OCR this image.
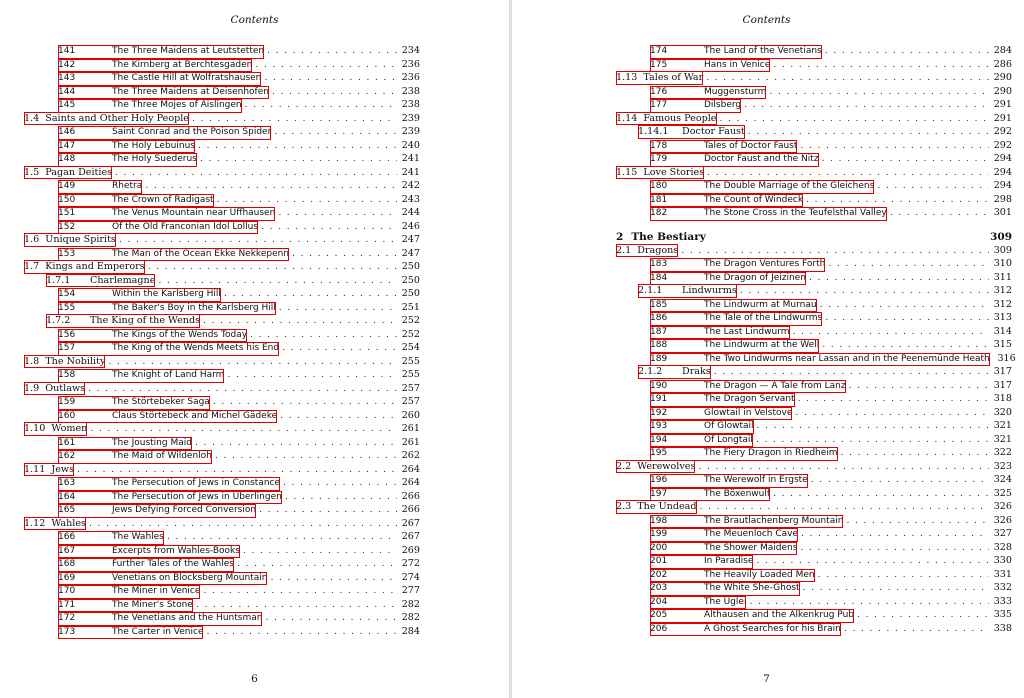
Contents
141	The Three Maidens at Leutstetten . . .	234
142	The Kirnberg at Berchtesgaden . . .	236
143	The Castle Hill at Wolfratshausen . . .	236
144	The Three Maidens at Deisenhofen . . .	238
145	The Three Mojes of Aislingen . . .	238
1.4 Saints and Other Holy People . . .	239
146	Saint Conrad and the Poison Spider . . .	239
147	The Holy Lebuinus . . .	240
148	The Holy Suederus . . .	241
1.5 Pagan Deities . . .	241
149	Rhetra . . .	242
150	The Crown of Radigast . . .	243
151	The Venus Mountain near Uffhausen . . .	244
152	Of the Old Franconian Idol Lollus . . .	246
1.6 Unique Spirits . . .	247
153	The Man of the Ocean Ekke Nekkepenn . . .	247
1.7 Kings and Emperors . . .	250
1.7.1 Charlemagne . . .	250
154	Within the Karlsberg Hill . . .	250
155	The Baker's Boy in the Karlsberg Hill . . .	251
1.7.2 The King of the Wends . . .	252
156	The Kings of the Wends Today . . .	252
157	The King of the Wends Meets his End . . .	254
1.8 The Nobility . . .	255
158	The Knight of Land Harm . . .	255
1.9 Outlaws . . .	257
159	The Störtebeker Saga . . .	257
160	Claus Störtebeck and Michel Gädeke . . .	260
1.10 Women . . .	261
161	The Jousting Maid . . .	261
162	The Maid of Wildenloh . . .	262
1.11 Jews . . .	264
163	The Persecution of Jews in Constance . . .	264
164	The Persecution of Jews in Überlingen . . .	266
165	Jews Defying Forced Conversion . . .	266
1.12 Wahles . . .	267
166	The Wahles . . .	267
167	Excerpts from Wahles-Books . . .	269
168	Further Tales of the Wahles . . .	272
169	Venetians on Blocksberg Mountain . . .	274
170	The Miner in Venice . . .	277
171	The Miner's Stone . . .	282
172	The Venetians and the Huntsman . . .	282
173	The Carter in Venice . . .	284
6
Contents
174	The Land of the Venetians . . .	284
175	Hans in Venice . . .	286
1.13 Tales of War . . .	290
176	Muggensturm . . .	290
177	Dilsberg . . .	291
1.14 Famous People . . .	291
1.14.1 Doctor Faust . . .	292
178	Tales of Doctor Faust . . .	292
179	Doctor Faust and the Nitz . . .	294
1.15 Love Stories . . .	294
180	The Double Marriage of the Gleichens . . .	294
181	The Count of Windeck . . .	298
182	The Stone Cross in the Teufelsthal Valley . . .	301
2 The Bestiary	309
2.1 Dragons . . .	309
183	The Dragon Ventures Forth . . .	310
184	The Dragon of Jeizinen . . .	311
2.1.1 Lindwurms . . .	312
185	The Lindwurm at Murnau . . .	312
186	The Tale of the Lindwurms . . .	313
187	The Last Lindwurm . . .	314
188	The Lindwurm at the Well . . .	315
189	The Two Lindwurms near Lassan and in the Peenemünde Heath 316
2.1.2 Draks . . .	317
190	The Dragon — A Tale from Lanz . . .	317
191	The Dragon Servant . . .	318
192	Glowtail in Velstove . . .	320
193	Of Glowtail . . .	321
194	Of Longtail . . .	321
195	The Fiery Dragon in Riedheim . . .	322
2.2 Werewolves . . .	323
196	The Werewolf in Ergste . . .	324
197	The Böxenwulf . . .	325
2.3 The Undead . . .	326
198	The Brautlachenberg Mountain . . .	326
199	The Meuenloch Cave . . .	327
200	The Shower Maidens . . .	328
201	In Paradise . . .	330
202	The Heavily Loaded Men . . .	331
203	The White She-Ghost . . .	332
204	The Uglei . . .	333
205	Althausen and the Alkenkrug Pub . . .	335
206	A Ghost Searches for his Brain . . .	338
7
